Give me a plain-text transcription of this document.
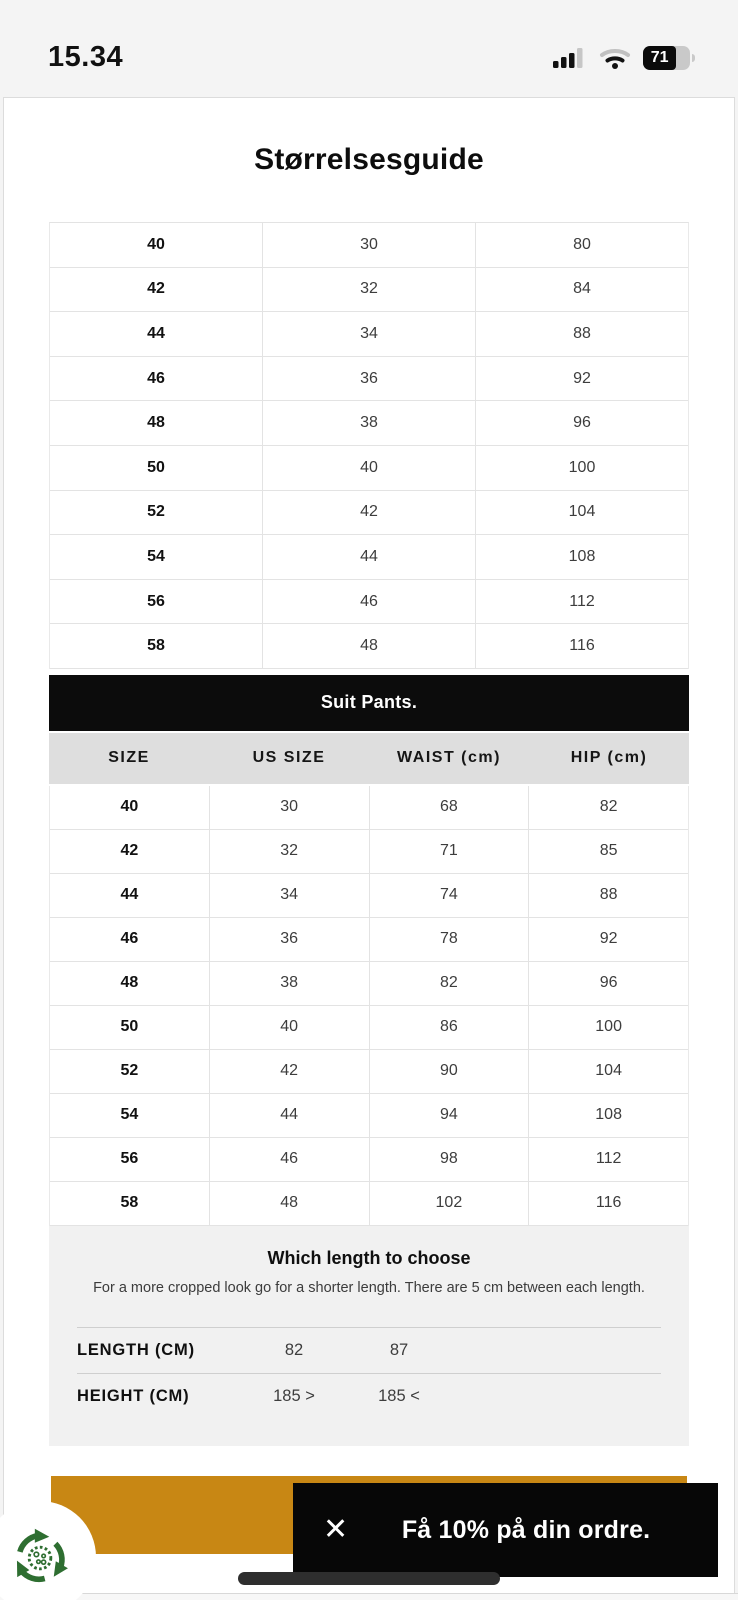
15.34	71
Størrelsesguide
40	30	80
42	32	84
44	34	88
46	36	92
48	38	96
50	40	100
52	42	104
54	44	108
56	46	112
58	48	116
Suit Pants.
SIZE	US SIZE	WAIST (cm)	HIP (cm)
40	30	68	82
42	32	71	85
44	34	74	88
46	36	78	92
48	38	82	96
50	40	86	100
52	42	90	104
54	44	94	108
56	46	98	112
58	48	102	116
Which length to choose

For a more cropped look go for a shorter length. There are 5 cm between each length.

LENGTH (CM)	82	87
HEIGHT (CM)	185 >	185 <
✕	Få 10% på din ordre.
